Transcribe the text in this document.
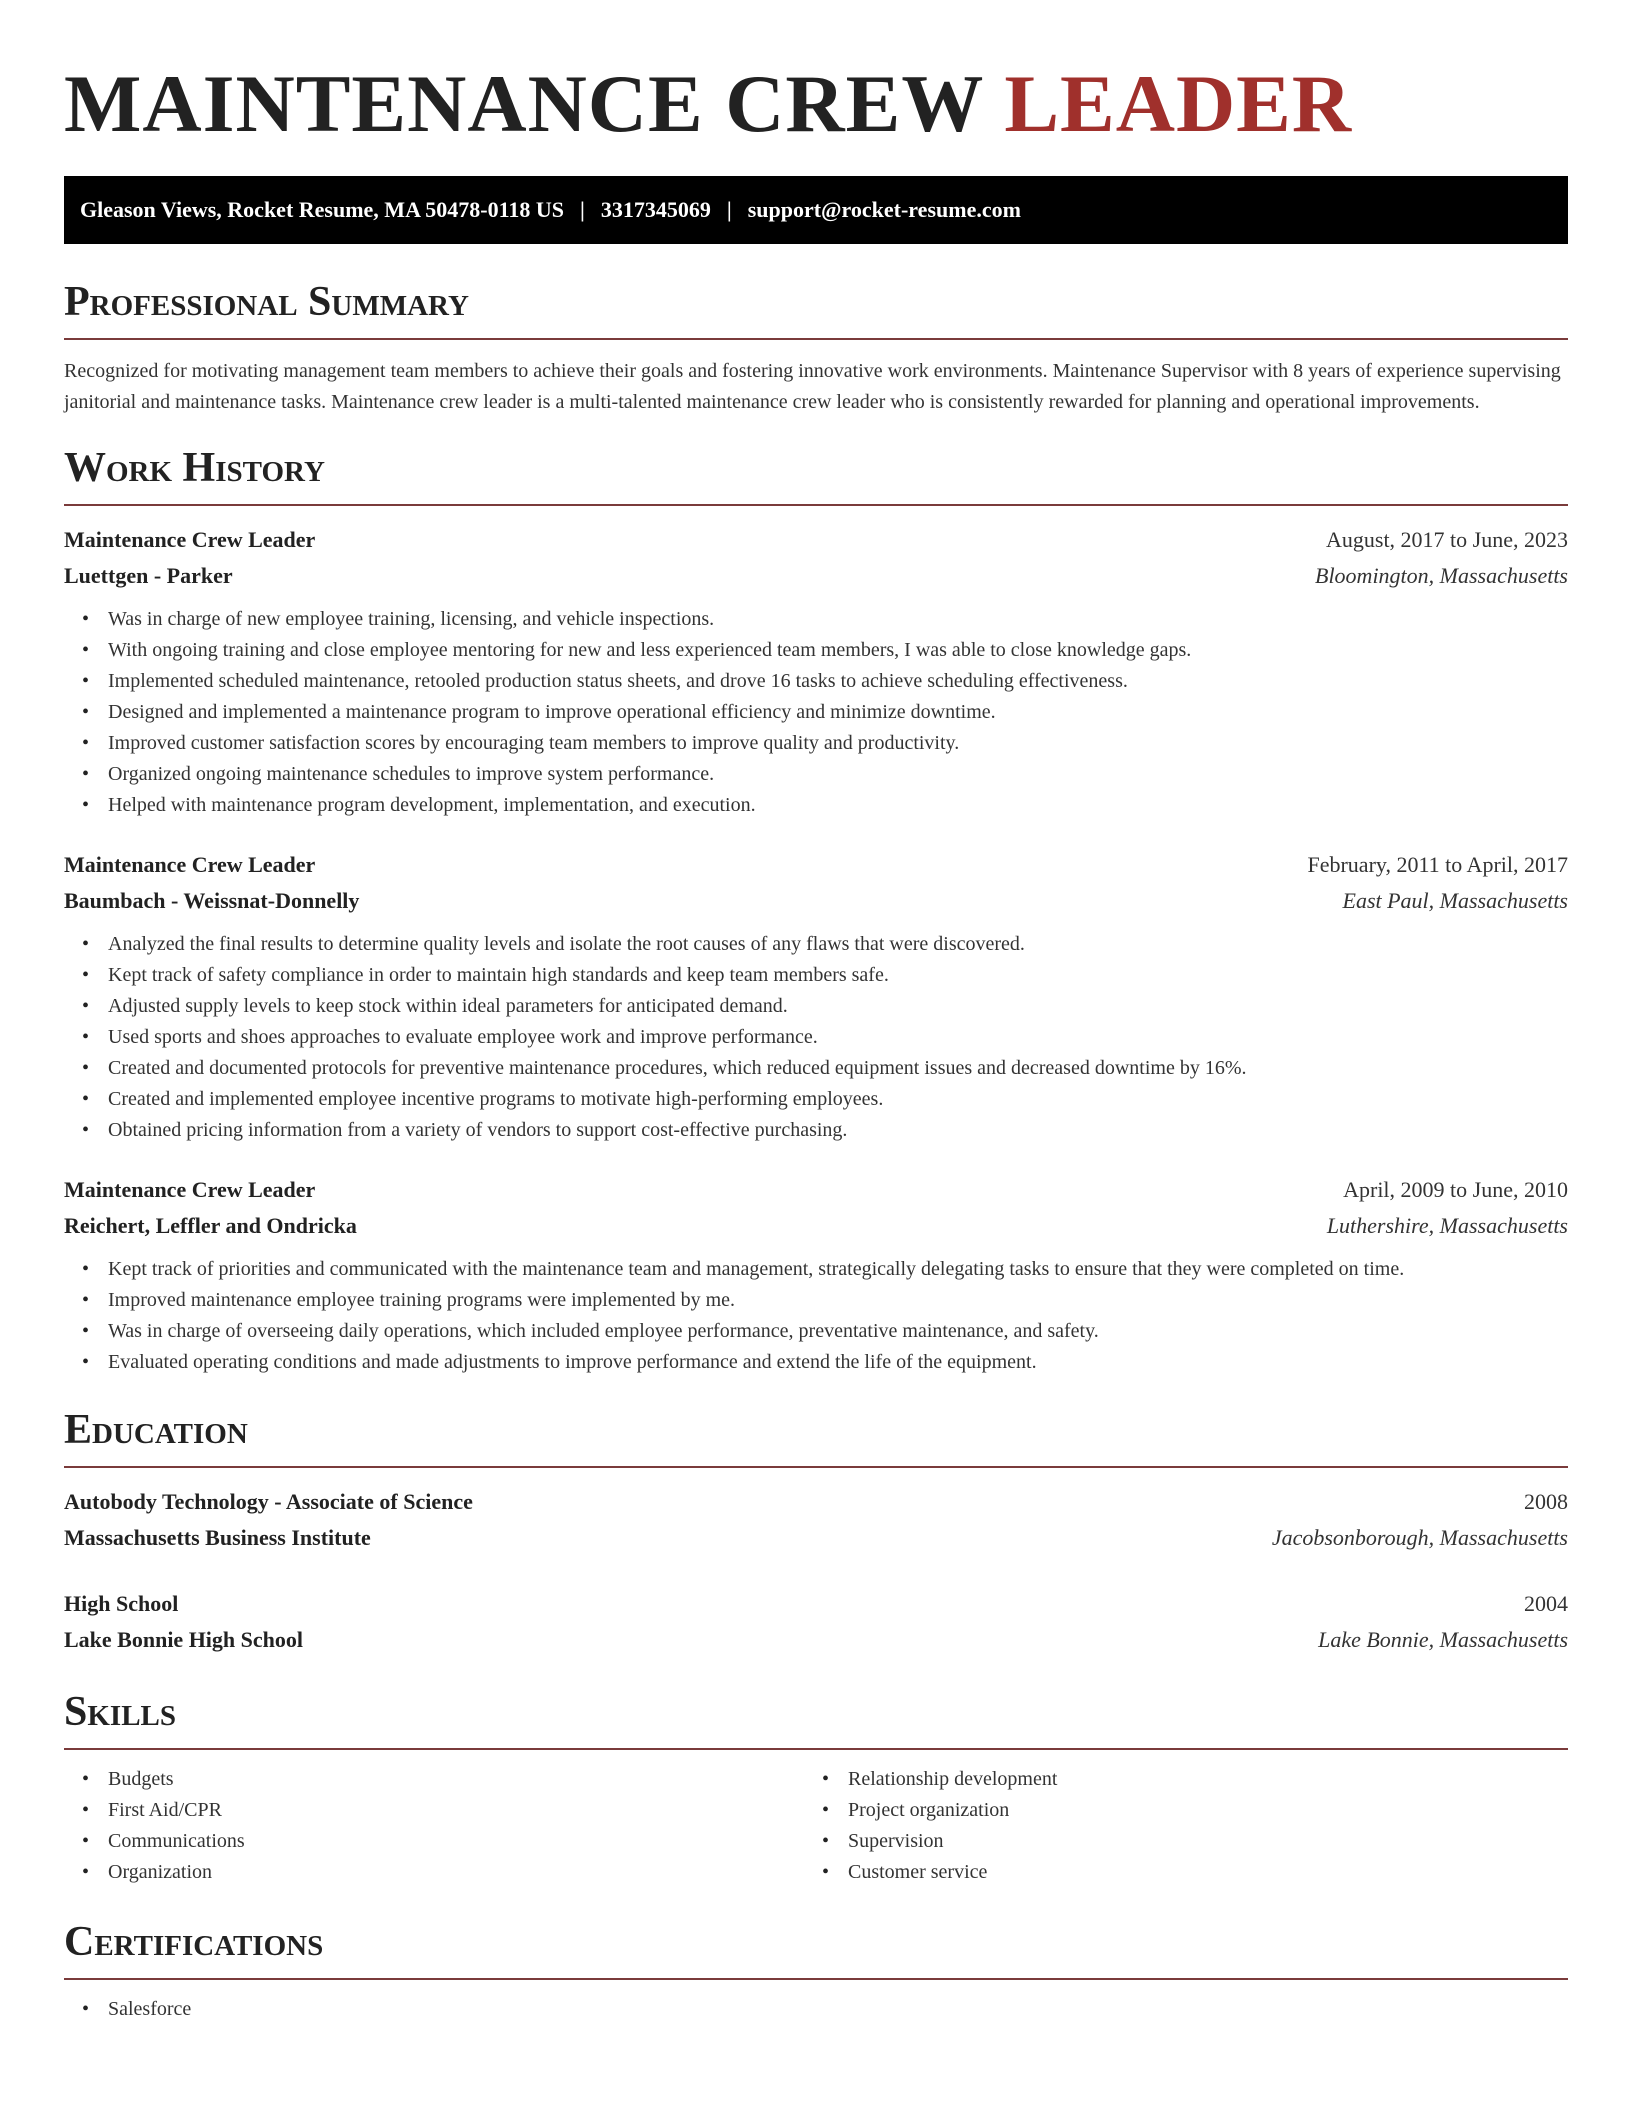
MAINTENANCE CREW LEADER
Gleason Views, Rocket Resume, MA 50478-0118 US | 3317345069 | support@rocket-resume.com
Professional Summary

Recognized for motivating management team members to achieve their goals and fostering innovative work environments. Maintenance Supervisor with 8 years of experience supervising janitorial and maintenance tasks. Maintenance crew leader is a multi-talented maintenance crew leader who is consistently rewarded for planning and operational improvements.

Work History
Maintenance Crew Leader	August, 2017 to June, 2023
Luettgen - Parker	Bloomington, Massachusetts
• Was in charge of new employee training, licensing, and vehicle inspections.
• With ongoing training and close employee mentoring for new and less experienced team members, I was able to close knowledge gaps.
• Implemented scheduled maintenance, retooled production status sheets, and drove 16 tasks to achieve scheduling effectiveness.
• Designed and implemented a maintenance program to improve operational efficiency and minimize downtime.
• Improved customer satisfaction scores by encouraging team members to improve quality and productivity.
• Organized ongoing maintenance schedules to improve system performance.
• Helped with maintenance program development, implementation, and execution.
Maintenance Crew Leader	February, 2011 to April, 2017
Baumbach - Weissnat-Donnelly	East Paul, Massachusetts
• Analyzed the final results to determine quality levels and isolate the root causes of any flaws that were discovered.
• Kept track of safety compliance in order to maintain high standards and keep team members safe.
• Adjusted supply levels to keep stock within ideal parameters for anticipated demand.
• Used sports and shoes approaches to evaluate employee work and improve performance.
• Created and documented protocols for preventive maintenance procedures, which reduced equipment issues and decreased downtime by 16%.
• Created and implemented employee incentive programs to motivate high-performing employees.
• Obtained pricing information from a variety of vendors to support cost-effective purchasing.
Maintenance Crew Leader	April, 2009 to June, 2010
Reichert, Leffler and Ondricka	Luthershire, Massachusetts
• Kept track of priorities and communicated with the maintenance team and management, strategically delegating tasks to ensure that they were completed on time.
• Improved maintenance employee training programs were implemented by me.
• Was in charge of overseeing daily operations, which included employee performance, preventative maintenance, and safety.
• Evaluated operating conditions and made adjustments to improve performance and extend the life of the equipment.
Education
Autobody Technology - Associate of Science	2008
Massachusetts Business Institute	Jacobsonborough, Massachusetts
High School	2004
Lake Bonnie High School	Lake Bonnie, Massachusetts
Skills
• Budgets
• First Aid/CPR
• Communications
• Organization
• Relationship development
• Project organization
• Supervision
• Customer service
Certifications
• Salesforce
